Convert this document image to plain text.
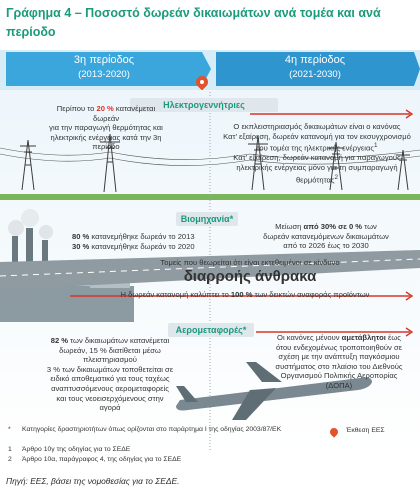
Γράφημα 4 – Ποσοστό δωρεάν δικαιωμάτων ανά τομέα και ανά περίοδο
3η περίοδος
(2013-2020)
4η περίοδος
(2021-2030)
Ηλεκτρογεννήτριες
Βιομηχανία*
Αερομεταφορές*
Περίπου το 20 % κατανέμεται δωρεάν
για την παραγωγή θερμότητας και ηλεκτρικής ενέργειας κατά την 3η περίοδο
Ο εκπλειστηριασμός δικαιωμάτων είναι ο κανόνας
Κατ’ εξαίρεση, δωρεάν κατανομή για τον εκσυγχρονισμό του τομέα της ηλεκτρικής ενέργειας$^1$
Κατ’ εξαίρεση, δωρεάν κατανομή για παραγωγούς ηλεκτρικής ενέργειας μόνο για τη συμπαραγωγή θερμότητας$^2$
80 % κατανεμήθηκε δωρεάν το 2013
30 % κατανεμήθηκε δωρεάν το 2020
Μείωση από 30% σε 0 % των δωρεάν κατανεμόμενων δικαιωμάτων από το 2026 έως το 2030
Τομείς που θεωρείται ότι είναι εκτεθειμένοι σε κίνδυνο
διαρροής άνθρακα
Η δωρεάν κατανομή καλύπτει το 100 % των δεικτών αναφοράς προϊόντων
82 % των δικαιωμάτων κατανέμεται δωρεάν, 15 % διατίθεται μέσω πλειστηριασμού
3 % των δικαιωμάτων τοποθετείται σε ειδικό αποθεματικό για τους ταχέως αναπτυσσόμενους αερομεταφορείς και τους νεοεισερχόμενους στην αγορά
Οι κανόνες μένουν αμετάβλητοι έως ότου ενδεχομένως τροποποιηθούν σε σχέση με την ανάπτυξη παγκόσμιου συστήματος στο πλαίσιο του Διεθνούς Οργανισμού Πολιτικής Αεροπορίας (ΔΟΠΑ)
* Κατηγορίες δραστηριοτήτων όπως ορίζονται στο παράρτημα I της οδηγίας 2003/87/ΕΚ
1 Άρθρο 10γ της οδηγίας για το ΣΕΔΕ
2 Άρθρο 10α, παράγραφος 4, της οδηγίας για το ΣΕΔΕ
Έκθεση ΕΕΣ
Πηγή: ΕΕΣ, βάσει της νομοθεσίας για το ΣΕΔΕ.
